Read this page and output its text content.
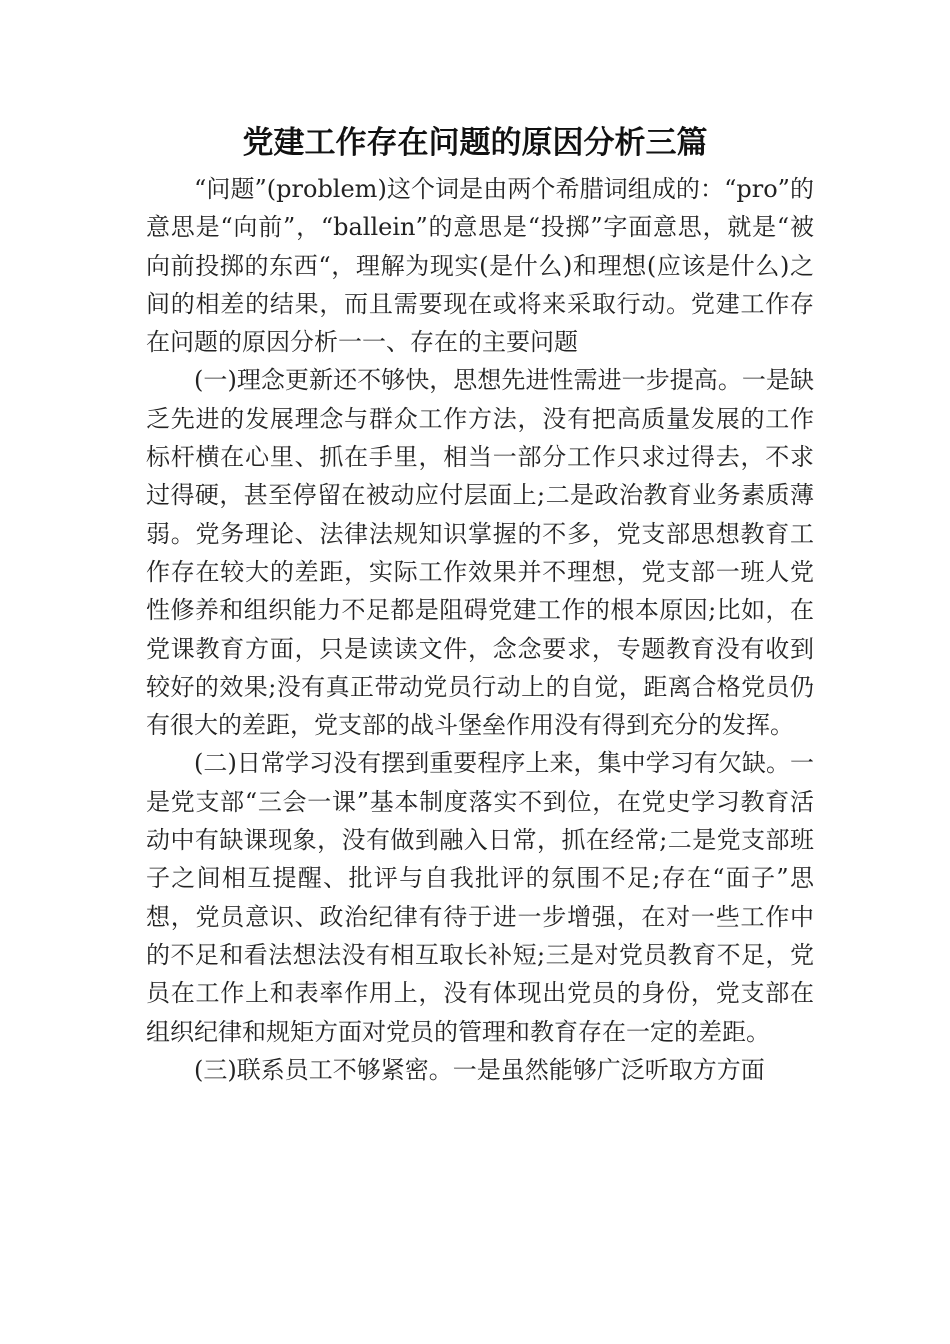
党建工作存在问题的原因分析三篇

“问题”(problem)这个词是由两个希腊词组成的：“pro”的意思是“向前”，“ballein”的意思是“投掷”字面意思，就是“被向前投掷的东西“，理解为现实(是什么)和理想(应该是什么)之间的相差的结果，而且需要现在或将来采取行动。党建工作存在问题的原因分析一一、存在的主要问题

(一)理念更新还不够快，思想先进性需进一步提高。一是缺乏先进的发展理念与群众工作方法，没有把高质量发展的工作标杆横在心里、抓在手里，相当一部分工作只求过得去，不求过得硬，甚至停留在被动应付层面上;二是政治教育业务素质薄弱。党务理论、法律法规知识掌握的不多，党支部思想教育工作存在较大的差距，实际工作效果并不理想，党支部一班人党性修养和组织能力不足都是阻碍党建工作的根本原因;比如，在党课教育方面，只是读读文件，念念要求，专题教育没有收到较好的效果;没有真正带动党员行动上的自觉，距离合格党员仍有很大的差距，党支部的战斗堡垒作用没有得到充分的发挥。

(二)日常学习没有摆到重要程序上来，集中学习有欠缺。一是党支部“三会一课”基本制度落实不到位，在党史学习教育活动中有缺课现象，没有做到融入日常，抓在经常;二是党支部班子之间相互提醒、批评与自我批评的氛围不足;存在“面子”思想，党员意识、政治纪律有待于进一步增强，在对一些工作中的不足和看法想法没有相互取长补短;三是对党员教育不足，党员在工作上和表率作用上，没有体现出党员的身份，党支部在组织纪律和规矩方面对党员的管理和教育存在一定的差距。

(三)联系员工不够紧密。一是虽然能够广泛听取方方面
